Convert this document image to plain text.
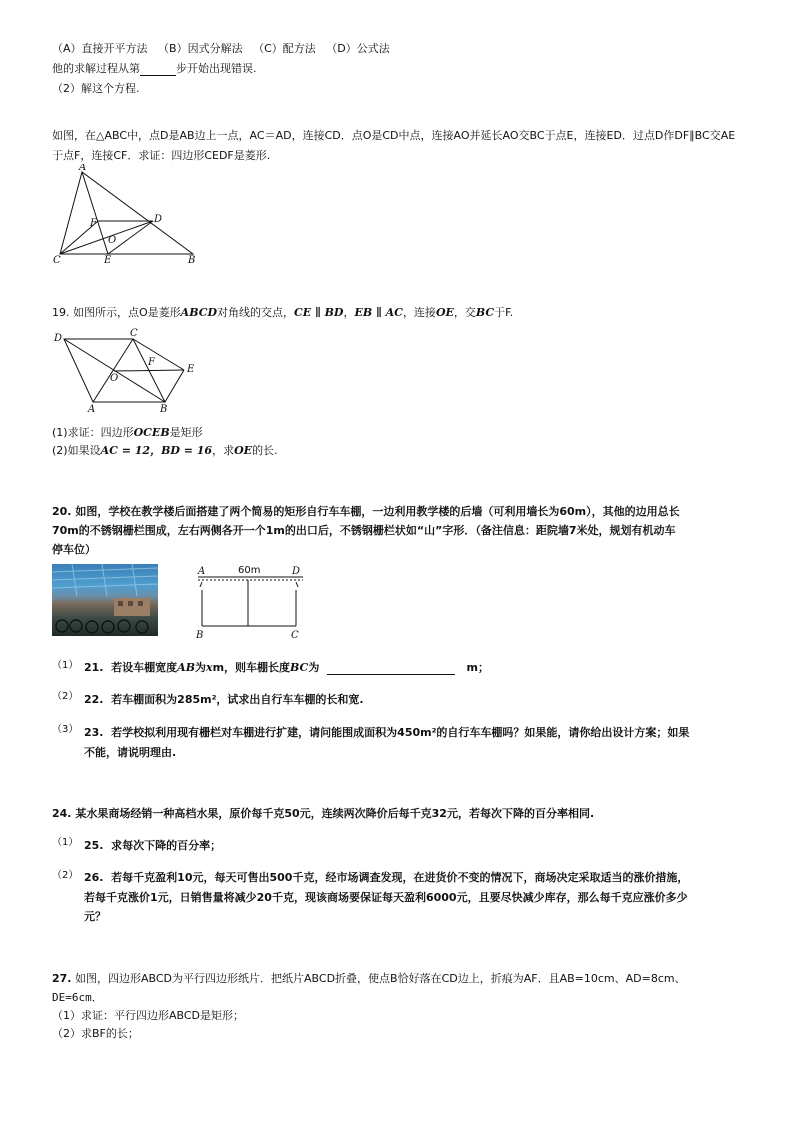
（A）直接开平方法 （B）因式分解法 （C）配方法 （D）公式法
他的求解过程从第	步开始出现错误.
（2）解这个方程.
如图，在△ABC中，点D是AB边上一点，AC＝AD，连接CD．点O是CD中点，连接AO并延长AO交BC于点E，连接ED．过点D作DF∥BC交AE
于点F，连接CF．求证：四边形CEDF是菱形.
A
C	E	B
D
F
O
19. 如图所示，点O是菱形ABCD对角线的交点，CE ∥ BD，EB ∥ AC，连接OE，交BC于F.
D	C
E
F
O
A	B
(1)求证：四边形OCEB是矩形
(2)如果设AC = 12，BD = 16，求OE的长.
20. 如图，学校在教学楼后面搭建了两个简易的矩形自行车车棚，一边利用教学楼的后墙（可利用墙长为60m），其他的边用总长
70m的不锈钢栅栏围成，左右两侧各开一个1m的出口后，不锈钢栅栏状如“山”字形．（备注信息：距院墙7米处，规划有机动车
停车位）
A	D
60m
B	C
（1） 21. 若设车棚宽度AB为xm，则车棚长度BC为	m；
（2） 22. 若车棚面积为285m²，试求出自行车车棚的长和宽.
（3） 23. 若学校拟利用现有栅栏对车棚进行扩建，请问能围成面积为450m²的自行车车棚吗？如果能，请你给出设计方案；如果
不能，请说明理由.
24. 某水果商场经销一种高档水果，原价每千克50元，连续两次降价后每千克32元，若每次下降的百分率相同.
（1） 25. 求每次下降的百分率；
（2） 26. 若每千克盈利10元，每天可售出500千克，经市场调查发现，在进货价不变的情况下，商场决定采取适当的涨价措施，
若每千克涨价1元，日销售量将减少20千克，现该商场要保证每天盈利6000元，且要尽快减少库存，那么每千克应涨价多少
元？
27. 如图，四边形ABCD为平行四边形纸片．把纸片ABCD折叠，使点B恰好落在CD边上，折痕为AF．且AB=10cm、AD=8cm、
DE=6cm．
（1）求证：平行四边形ABCD是矩形；
（2）求BF的长；
